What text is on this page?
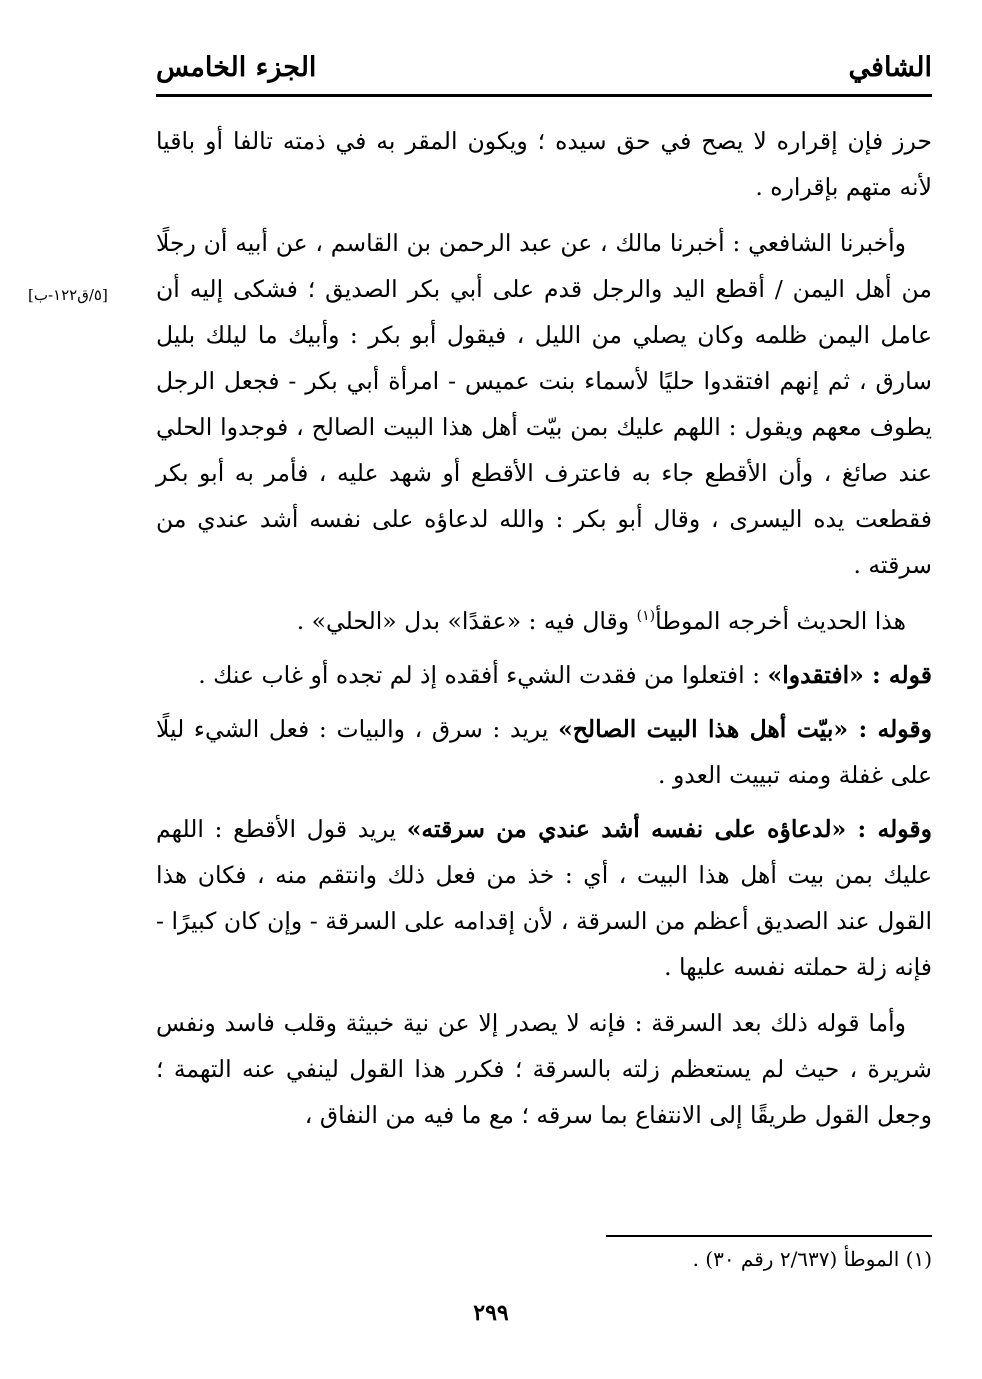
الشافي
الجزء الخامس
[٥/ق١٢٢-ب]

حرز فإن إقراره لا يصح في حق سيده ؛ ويكون المقر به في ذمته تالفا أو باقيا لأنه متهم بإقراره .

وأخبرنا الشافعي : أخبرنا مالك ، عن عبد الرحمن بن القاسم ، عن أبيه أن رجلًا من أهل اليمن / أقطع اليد والرجل قدم على أبي بكر الصديق ؛ فشكى إليه أن عامل اليمن ظلمه وكان يصلي من الليل ، فيقول أبو بكر : وأبيك ما ليلك بليل سارق ، ثم إنهم افتقدوا حليًا لأسماء بنت عميس - امرأة أبي بكر - فجعل الرجل يطوف معهم ويقول : اللهم عليك بمن بيّت أهل هذا البيت الصالح ، فوجدوا الحلي عند صائغ ، وأن الأقطع جاء به فاعترف الأقطع أو شهد عليه ، فأمر به أبو بكر فقطعت يده اليسرى ، وقال أبو بكر : والله لدعاؤه على نفسه أشد عندي من سرقته .

هذا الحديث أخرجه الموطأ$^{(١)}$ وقال فيه : «عقدًا» بدل «الحلي» .

قوله : «افتقدوا» : افتعلوا من فقدت الشيء أفقده إذ لم تجده أو غاب عنك .

وقوله : «بيّت أهل هذا البيت الصالح» يريد : سرق ، والبيات : فعل الشيء ليلًا على غفلة ومنه تبييت العدو .

وقوله : «لدعاؤه على نفسه أشد عندي من سرقته» يريد قول الأقطع : اللهم عليك بمن بيت أهل هذا البيت ، أي : خذ من فعل ذلك وانتقم منه ، فكان هذا القول عند الصديق أعظم من السرقة ، لأن إقدامه على السرقة - وإن كان كبيرًا - فإنه زلة حملته نفسه عليها .

وأما قوله ذلك بعد السرقة : فإنه لا يصدر إلا عن نية خبيثة وقلب فاسد ونفس شريرة ، حيث لم يستعظم زلته بالسرقة ؛ فكرر هذا القول لينفي عنه التهمة ؛ وجعل القول طريقًا إلى الانتفاع بما سرقه ؛ مع ما فيه من النفاق ،

(١) الموطأ (٢/٦٣٧ رقم ٣٠) .
٢٩٩
